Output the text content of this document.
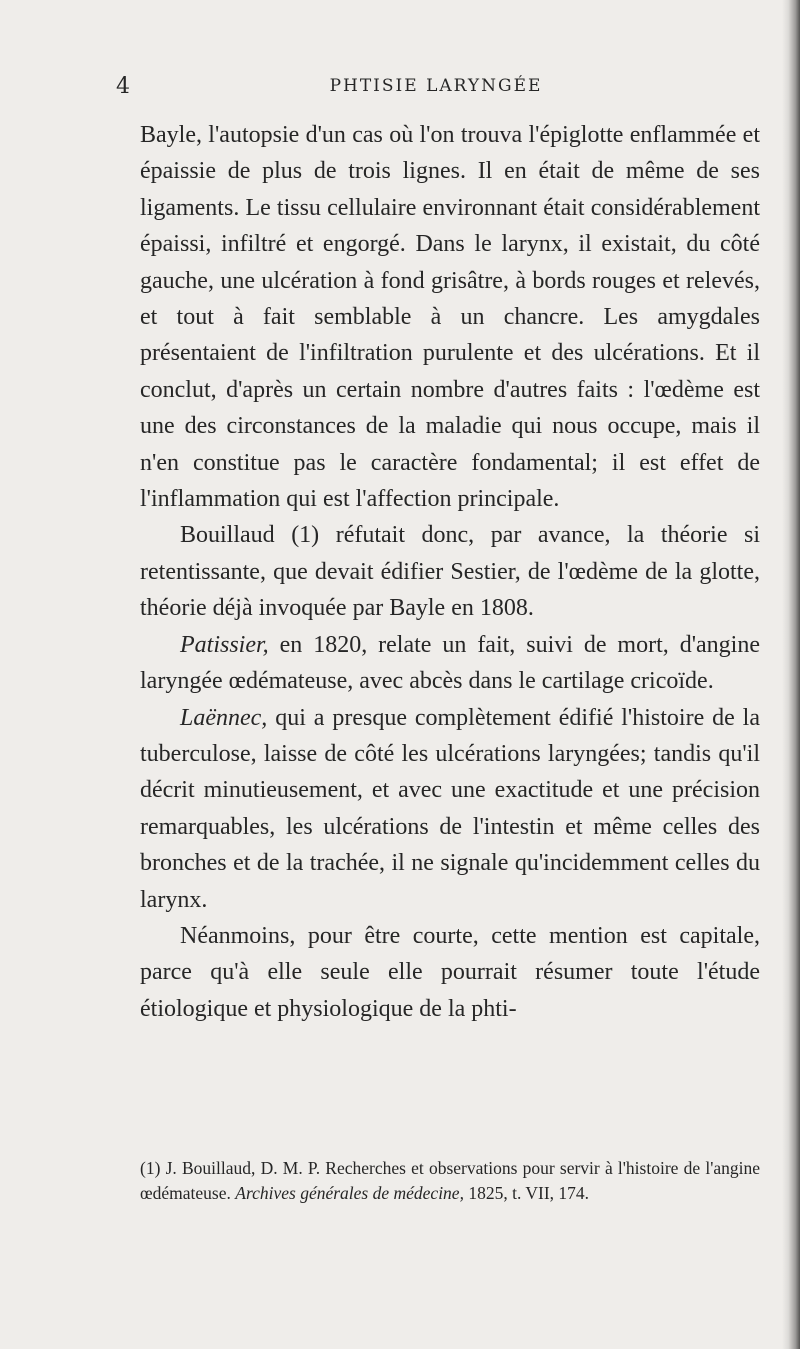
4	PHTISIE LARYNGÉE

Bayle, l'autopsie d'un cas où l'on trouva l'épiglotte enflammée et épaissie de plus de trois lignes. Il en était de même de ses ligaments. Le tissu cellulaire environnant était considérablement épaissi, infiltré et engorgé. Dans le larynx, il existait, du côté gauche, une ulcération à fond grisâtre, à bords rouges et relevés, et tout à fait semblable à un chancre. Les amygdales présentaient de l'infiltration purulente et des ulcérations. Et il conclut, d'après un certain nombre d'autres faits : l'œdème est une des circonstances de la maladie qui nous occupe, mais il n'en constitue pas le caractère fondamental; il est effet de l'inflammation qui est l'affection principale.

Bouillaud (1) réfutait donc, par avance, la théorie si retentissante, que devait édifier Sestier, de l'œdème de la glotte, théorie déjà invoquée par Bayle en 1808.

Patissier, en 1820, relate un fait, suivi de mort, d'angine laryngée œdémateuse, avec abcès dans le cartilage cricoïde.

Laënnec, qui a presque complètement édifié l'histoire de la tuberculose, laisse de côté les ulcérations laryngées; tandis qu'il décrit minutieusement, et avec une exactitude et une précision remarquables, les ulcérations de l'intestin et même celles des bronches et de la trachée, il ne signale qu'incidemment celles du larynx.

Néanmoins, pour être courte, cette mention est capitale, parce qu'à elle seule elle pourrait résumer toute l'étude étiologique et physiologique de la phti-

(1) J. Bouillaud, D. M. P. Recherches et observations pour servir à l'histoire de l'angine œdémateuse. Archives générales de médecine, 1825, t. VII, 174.
